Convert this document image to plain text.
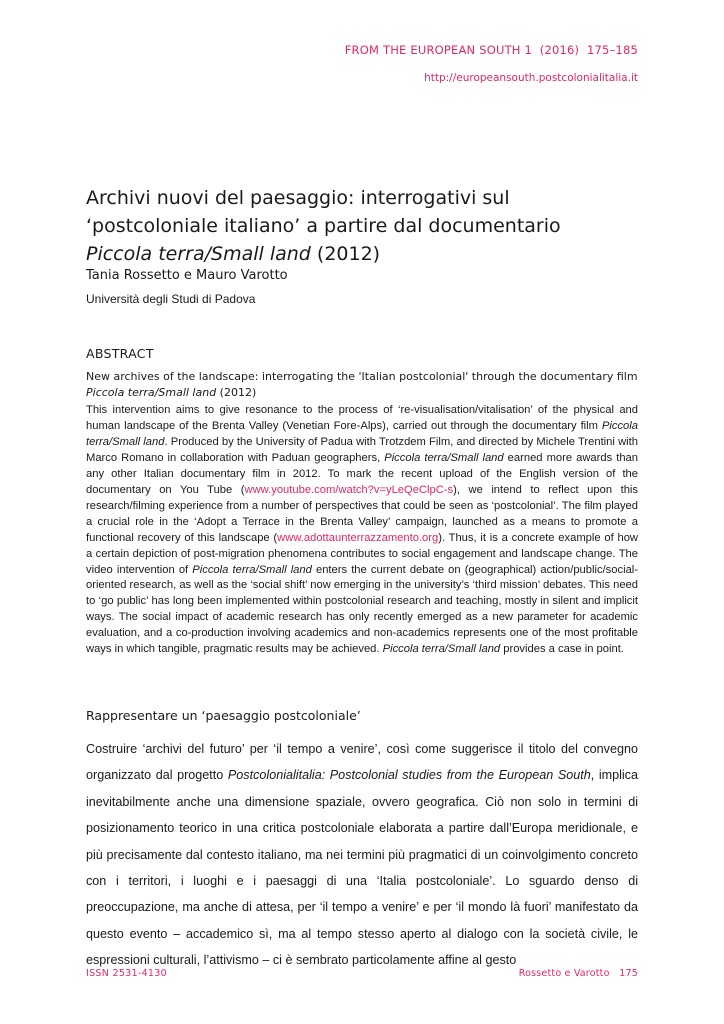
FROM THE EUROPEAN SOUTH 1 (2016) 175–185
http://europeansouth.postcolonialitalia.it
Archivi nuovi del paesaggio: interrogativi sul
‘postcoloniale italiano’ a partire dal documentario
Piccola terra/Small land (2012)
Tania Rossetto e Mauro Varotto
Università degli Studi di Padova
ABSTRACT
New archives of the landscape: interrogating the 'Italian postcolonial' through the documentary film Piccola terra/Small land (2012)
This intervention aims to give resonance to the process of ‘re-visualisation/vitalisation’ of the physical and human landscape of the Brenta Valley (Venetian Fore-Alps), carried out through the documentary film Piccola terra/Small land. Produced by the University of Padua with Trotzdem Film, and directed by Michele Trentini with Marco Romano in collaboration with Paduan geographers, Piccola terra/Small land earned more awards than any other Italian documentary film in 2012. To mark the recent upload of the English version of the documentary on You Tube (www.youtube.com/watch?v=yLeQeClpC-s), we intend to reflect upon this research/filming experience from a number of perspectives that could be seen as ‘postcolonial’. The film played a crucial role in the ‘Adopt a Terrace in the Brenta Valley’ campaign, launched as a means to promote a functional recovery of this landscape (www.adottaunterrazzamento.org). Thus, it is a concrete example of how a certain depiction of post-migration phenomena contributes to social engagement and landscape change. The video intervention of Piccola terra/Small land enters the current debate on (geographical) action/public/social-oriented research, as well as the ‘social shift’ now emerging in the university’s ‘third mission’ debates. This need to ‘go public’ has long been implemented within postcolonial research and teaching, mostly in silent and implicit ways. The social impact of academic research has only recently emerged as a new parameter for academic evaluation, and a co-production involving academics and non-academics represents one of the most profitable ways in which tangible, pragmatic results may be achieved. Piccola terra/Small land provides a case in point.
Rappresentare un ‘paesaggio postcoloniale’
Costruire ‘archivi del futuro’ per ‘il tempo a venire’, così come suggerisce il titolo del convegno organizzato dal progetto Postcolonialitalia: Postcolonial studies from the European South, implica inevitabilmente anche una dimensione spaziale, ovvero geografica. Ciò non solo in termini di posizionamento teorico in una critica postcoloniale elaborata a partire dall’Europa meridionale, e più precisamente dal contesto italiano, ma nei termini più pragmatici di un coinvolgimento concreto con i territori, i luoghi e i paesaggi di una ‘Italia postcoloniale’. Lo sguardo denso di preoccupazione, ma anche di attesa, per ‘il tempo a venire’ e per ‘il mondo là fuori’ manifestato da questo evento – accademico sì, ma al tempo stesso aperto al dialogo con la società civile, le espressioni culturali, l’attivismo – ci è sembrato particolamente affine al gesto
ISSN 2531-4130	Rossetto e Varotto 175
